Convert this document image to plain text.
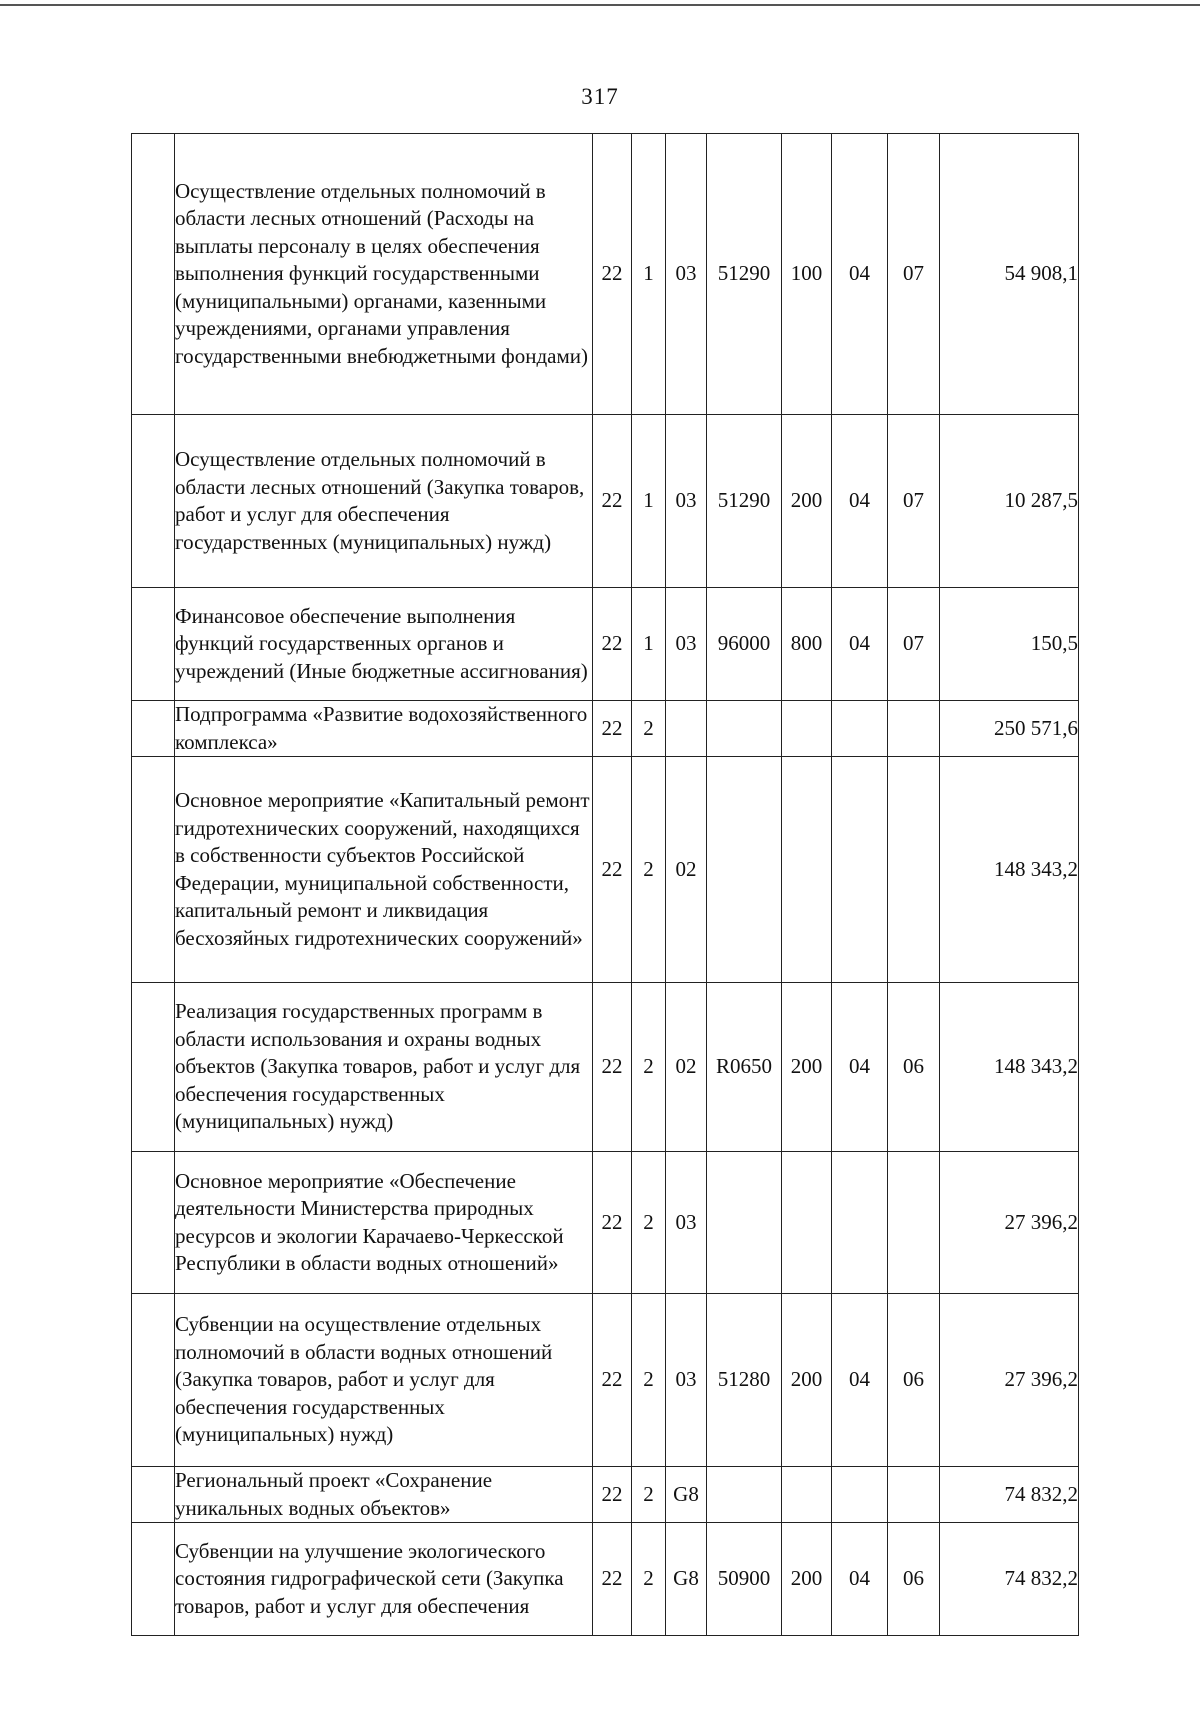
317
	Осуществление отдельных полномочий в области лесных отношений (Расходы на выплаты персоналу в целях обеспечения выполнения функций государственными (муниципальными) органами, казенными учреждениями, органами управления государственными внебюджетными фондами)	22	1	03	51290	100	04	07	54 908,1
	Осуществление отдельных полномочий в области лесных отношений (Закупка товаров, работ и услуг для обеспечения государственных (муниципальных) нужд)	22	1	03	51290	200	04	07	10 287,5
	Финансовое обеспечение выполнения функций государственных органов и учреждений (Иные бюджетные ассигнования)	22	1	03	96000	800	04	07	150,5
	Подпрограмма «Развитие водохозяйственного комплекса»	22	2						250 571,6
	Основное мероприятие «Капитальный ремонт гидротехнических сооружений, находящихся в собственности субъектов Российской Федерации, муниципальной собственности, капитальный ремонт и ликвидация бесхозяйных гидротехнических сооружений»	22	2	02					148 343,2
	Реализация государственных программ в области использования и охраны водных объектов (Закупка товаров, работ и услуг для обеспечения государственных (муниципальных) нужд)	22	2	02	R0650	200	04	06	148 343,2
	Основное мероприятие «Обеспечение деятельности Министерства природных ресурсов и экологии Карачаево-Черкесской Республики в области водных отношений»	22	2	03					27 396,2
	Субвенции на осуществление отдельных полномочий в области водных отношений (Закупка товаров, работ и услуг для обеспечения государственных (муниципальных) нужд)	22	2	03	51280	200	04	06	27 396,2
	Региональный проект «Сохранение уникальных водных объектов»	22	2	G8					74 832,2
	Субвенции на улучшение экологического состояния гидрографической сети (Закупка товаров, работ и услуг для обеспечения	22	2	G8	50900	200	04	06	74 832,2
